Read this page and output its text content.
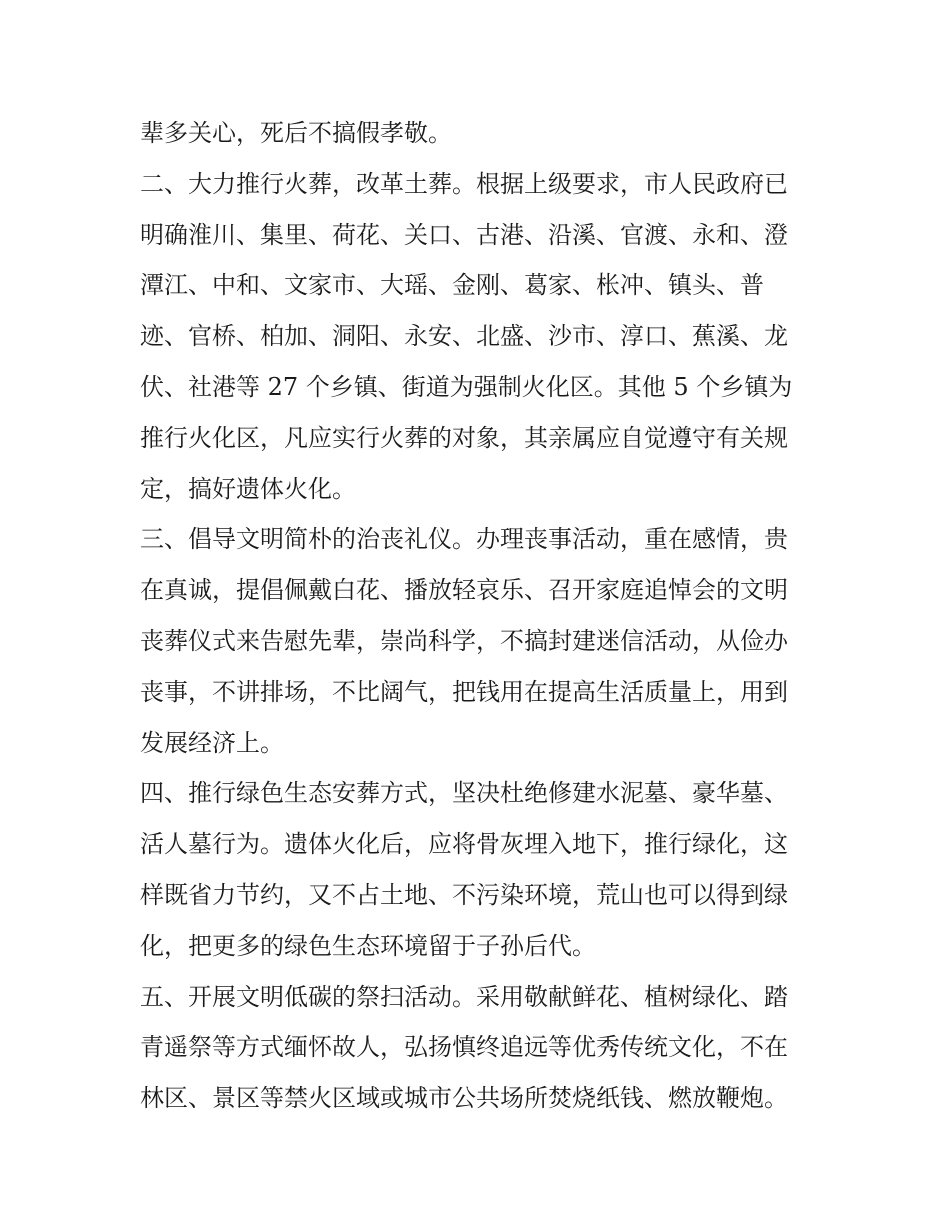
辈多关心，死后不搞假孝敬。
二、大力推行火葬，改革土葬。根据上级要求，市人民政府已
明确淮川、集里、荷花、关口、古港、沿溪、官渡、永和、澄
潭江、中和、文家市、大瑶、金刚、葛家、枨冲、镇头、普
迹、官桥、柏加、洞阳、永安、北盛、沙市、淳口、蕉溪、龙
伏、社港等 27 个乡镇、街道为强制火化区。其他 5 个乡镇为
推行火化区，凡应实行火葬的对象，其亲属应自觉遵守有关规
定，搞好遗体火化。
三、倡导文明简朴的治丧礼仪。办理丧事活动，重在感情，贵
在真诚，提倡佩戴白花、播放轻哀乐、召开家庭追悼会的文明
丧葬仪式来告慰先辈，崇尚科学，不搞封建迷信活动，从俭办
丧事，不讲排场，不比阔气，把钱用在提高生活质量上，用到
发展经济上。
四、推行绿色生态安葬方式，坚决杜绝修建水泥墓、豪华墓、
活人墓行为。遗体火化后，应将骨灰埋入地下，推行绿化，这
样既省力节约，又不占土地、不污染环境，荒山也可以得到绿
化，把更多的绿色生态环境留于子孙后代。
五、开展文明低碳的祭扫活动。采用敬献鲜花、植树绿化、踏
青遥祭等方式缅怀故人，弘扬慎终追远等优秀传统文化，不在
林区、景区等禁火区域或城市公共场所焚烧纸钱、燃放鞭炮。
